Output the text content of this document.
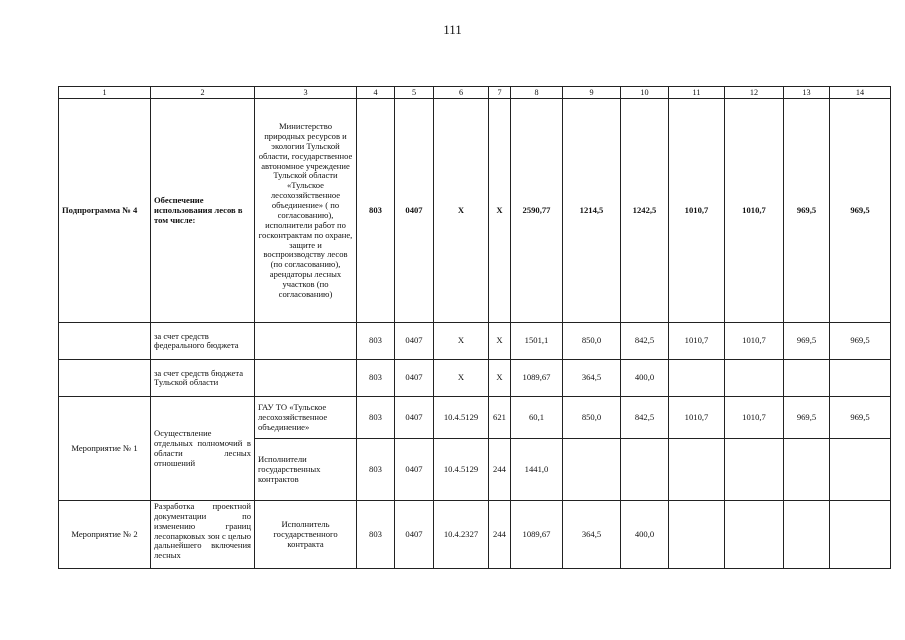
111
1	2	3	4	5	6	7	8	9	10	11	12	13	14
Подпрограмма № 4	Обеспечение использования лесов в том числе:	Министерство природных ресурсов и экологии Тульской области, государственное автономное учреждение Тульской области «Тульское лесохозяйственное объединение» ( по согласованию), исполнители работ по госконтрактам по охране, защите и воспроизводству лесов (по согласованию), арендаторы лесных участков (по согласованию)	803	0407	X	X	2590,77	1214,5	1242,5	1010,7	1010,7	969,5	969,5
	за счет средств федерального бюджета		803	0407	X	X	1501,1	850,0	842,5	1010,7	1010,7	969,5	969,5
	за счет средств бюджета Тульской области		803	0407	X	X	1089,67	364,5	400,0				
Мероприятие № 1	Осуществление отдельных полномочий в области лесных отношений	ГАУ ТО «Тульское лесохозяйственное объединение»	803	0407	10.4.5129	621	60,1	850,0	842,5	1010,7	1010,7	969,5	969,5
		Исполнители государственных контрактов	803	0407	10.4.5129	244	1441,0						
Мероприятие № 2	Разработка проектной документации по изменению границ лесопарковых зон с целью дальнейшего включения лесных	Исполнитель государственного контракта	803	0407	10.4.2327	244	1089,67	364,5	400,0				
